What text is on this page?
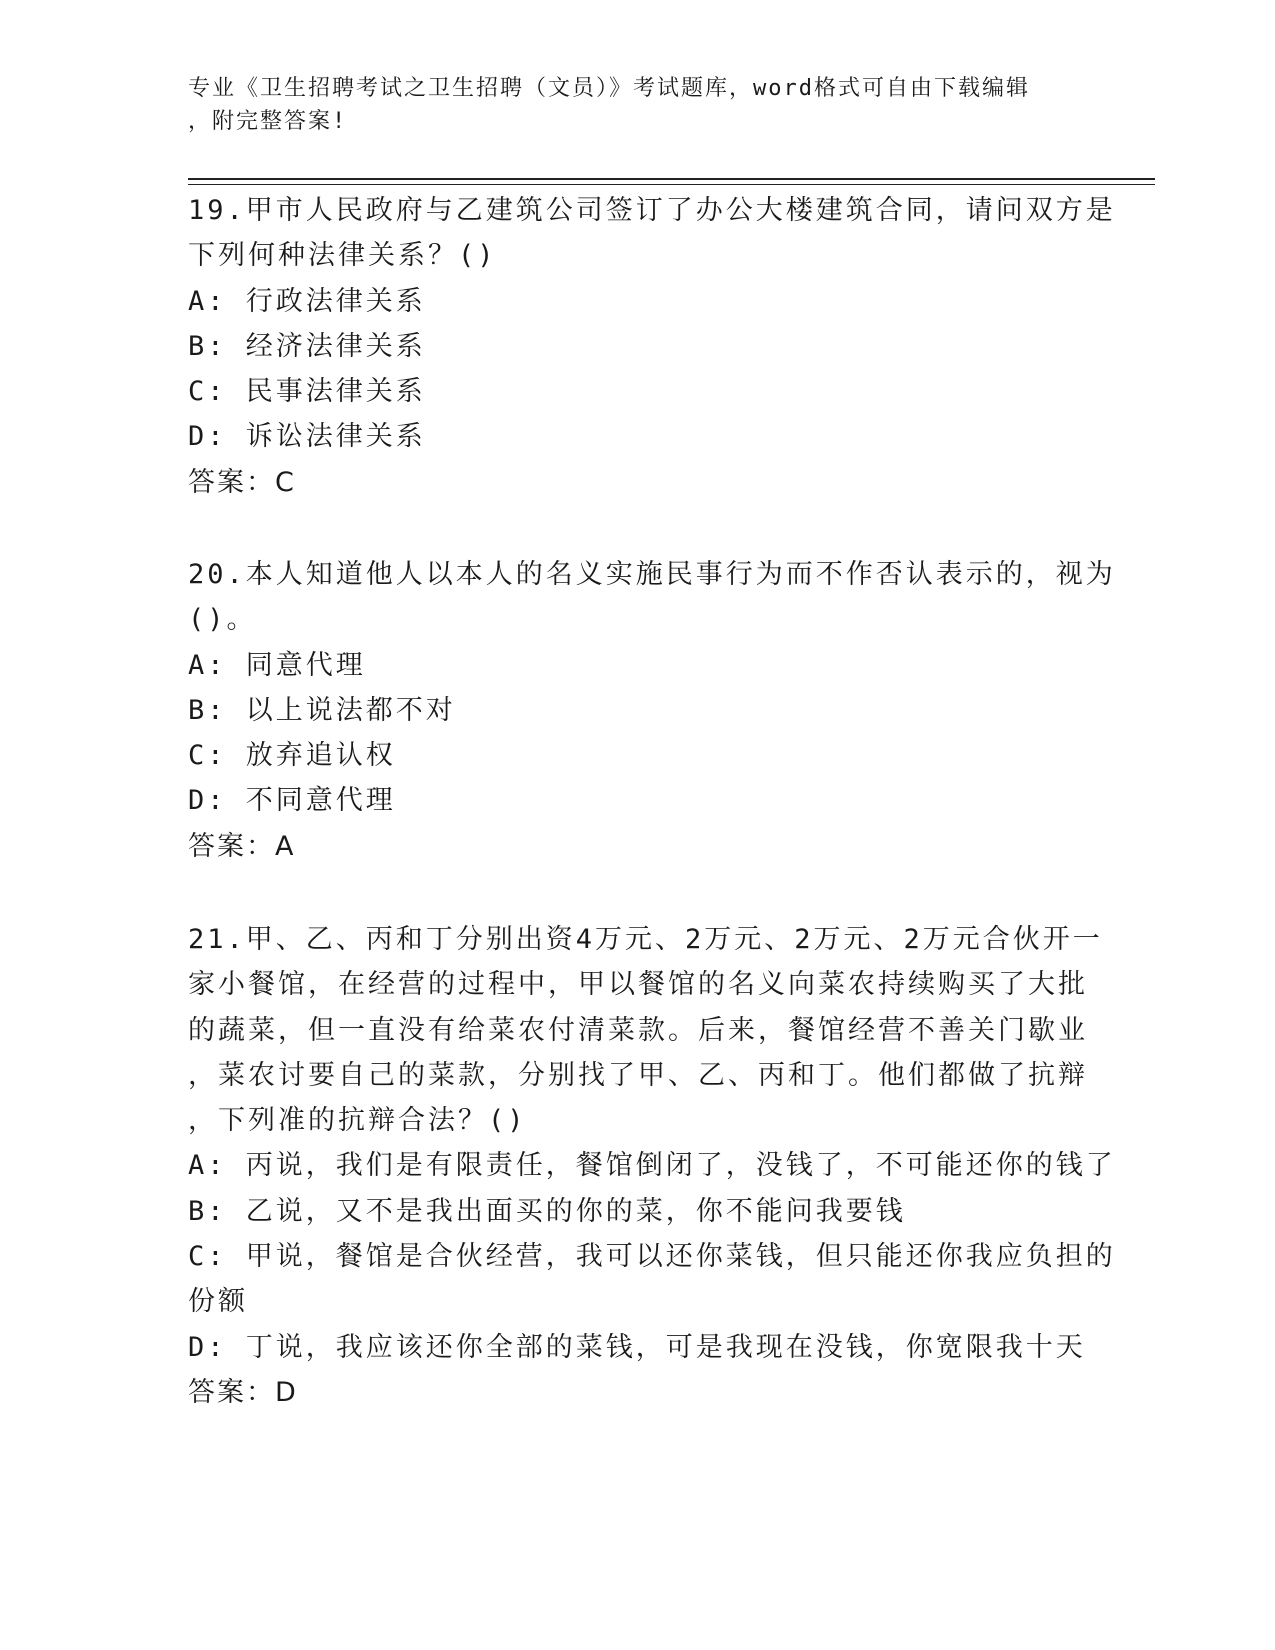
专业《卫生招聘考试之卫生招聘（文员）》考试题库，word格式可自由下载编辑
，附完整答案!
19.甲市人民政府与乙建筑公司签订了办公大楼建筑合同，请问双方是
下列何种法律关系？()
A: 行政法律关系
B: 经济法律关系
C: 民事法律关系
D: 诉讼法律关系
答案：C
20.本人知道他人以本人的名义实施民事行为而不作否认表示的，视为
()。
A: 同意代理
B: 以上说法都不对
C: 放弃追认权
D: 不同意代理
答案：A
21.甲、乙、丙和丁分别出资4万元、2万元、2万元、2万元合伙开一
家小餐馆，在经营的过程中，甲以餐馆的名义向菜农持续购买了大批
的蔬菜，但一直没有给菜农付清菜款。后来，餐馆经营不善关门歇业
，菜农讨要自己的菜款，分别找了甲、乙、丙和丁。他们都做了抗辩
，下列准的抗辩合法？()
A: 丙说，我们是有限责任，餐馆倒闭了，没钱了，不可能还你的钱了
B: 乙说，又不是我出面买的你的菜，你不能问我要钱
C: 甲说，餐馆是合伙经营，我可以还你菜钱，但只能还你我应负担的
份额
D: 丁说，我应该还你全部的菜钱，可是我现在没钱，你宽限我十天
答案：D
